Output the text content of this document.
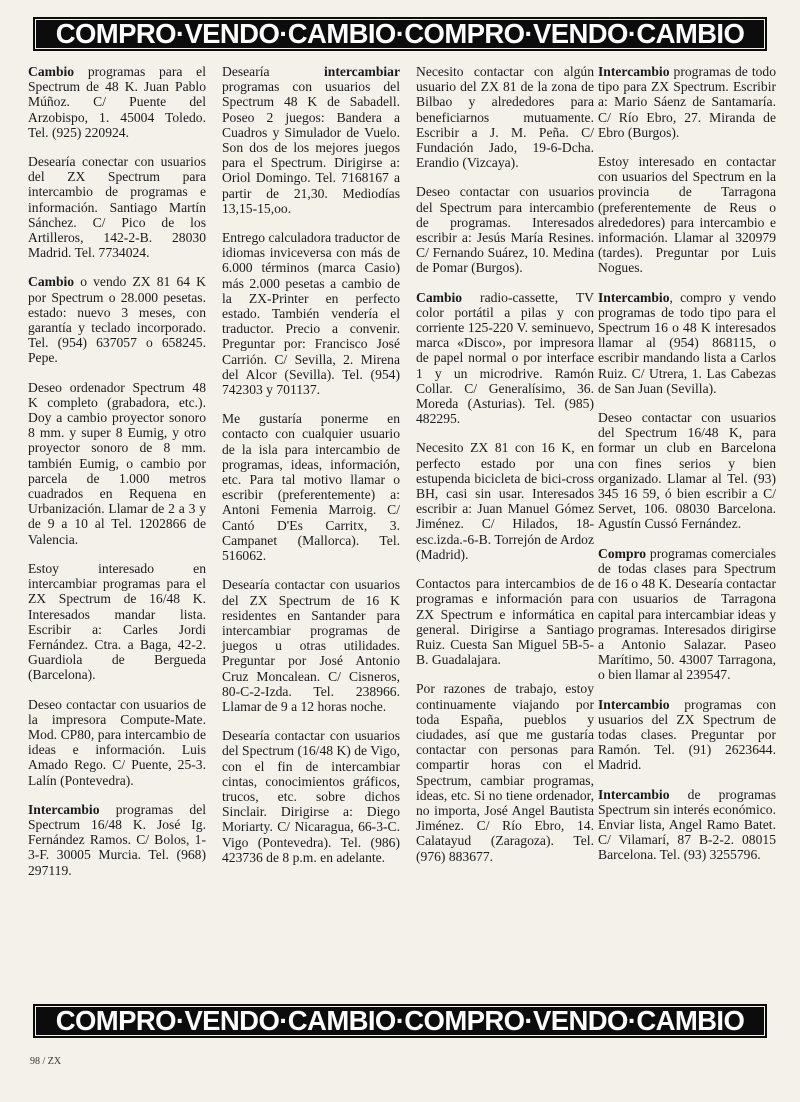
COMPRO·VENDO·CAMBIO·COMPRO·VENDO·CAMBIO

Cambio programas para el Spectrum de 48 K. Juan Pablo Múñoz. C/ Puente del Arzobispo, 1. 45004 Toledo. Tel. (925) 220924.

Desearía conectar con usuarios del ZX Spectrum para intercambio de programas e información. Santiago Martín Sánchez. C/ Pico de los Artilleros, 142-2-B. 28030 Madrid. Tel. 7734024.

Cambio o vendo ZX 81 64 K por Spectrum o 28.000 pesetas. estado: nuevo 3 meses, con garantía y teclado incorporado. Tel. (954) 637057 o 658245. Pepe.

Deseo ordenador Spectrum 48 K completo (grabadora, etc.). Doy a cambio proyector sonoro 8 mm. y super 8 Eumig, y otro proyector sonoro de 8 mm. también Eumig, o cambio por parcela de 1.000 metros cuadrados en Requena en Urbanización. Llamar de 2 a 3 y de 9 a 10 al Tel. 1202866 de Valencia.

Estoy interesado en intercambiar programas para el ZX Spectrum de 16/48 K. Interesados mandar lista. Escribir a: Carles Jordi Fernández. Ctra. a Baga, 42-2. Guardiola de Bergueda (Barcelona).

Deseo contactar con usuarios de la impresora Compute-Mate. Mod. CP80, para intercambio de ideas e información. Luis Amado Rego. C/ Puente, 25-3. Lalín (Pontevedra).

Intercambio programas del Spectrum 16/48 K. José Ig. Fernández Ramos. C/ Bolos, 1-3-F. 30005 Murcia. Tel. (968) 297119.

Desearía intercambiar programas con usuarios del Spectrum 48 K de Sabadell. Poseo 2 juegos: Bandera a Cuadros y Simulador de Vuelo. Son dos de los mejores juegos para el Spectrum. Dirigirse a: Oriol Domingo. Tel. 7168167 a partir de 21,30. Mediodías 13,15-15,oo.

Entrego calculadora traductor de idiomas inviceversa con más de 6.000 términos (marca Casio) más 2.000 pesetas a cambio de la ZX-Printer en perfecto estado. También vendería el traductor. Precio a convenir. Preguntar por: Francisco José Carrión. C/ Sevilla, 2. Mirena del Alcor (Sevilla). Tel. (954) 742303 y 701137.

Me gustaría ponerme en contacto con cualquier usuario de la isla para intercambio de programas, ideas, información, etc. Para tal motivo llamar o escribir (preferentemente) a: Antoni Femenia Marroig. C/ Cantó D'Es Carritx, 3. Campanet (Mallorca). Tel. 516062.

Desearía contactar con usuarios del ZX Spectrum de 16 K residentes en Santander para intercambiar programas de juegos u otras utilidades. Preguntar por José Antonio Cruz Moncalean. C/ Cisneros, 80-C-2-Izda. Tel. 238966. Llamar de 9 a 12 horas noche.

Desearía contactar con usuarios del Spectrum (16/48 K) de Vigo, con el fin de intercambiar cintas, conocimientos gráficos, trucos, etc. sobre dichos Sinclair. Dirigirse a: Diego Moriarty. C/ Nicaragua, 66-3-C. Vigo (Pontevedra). Tel. (986) 423736 de 8 p.m. en adelante.

Necesito contactar con algún usuario del ZX 81 de la zona de Bilbao y alrededores para beneficiarnos mutuamente. Escribir a J. M. Peña. C/ Fundación Jado, 19-6-Dcha. Erandio (Vizcaya).

Deseo contactar con usuarios del Spectrum para intercambio de programas. Interesados escribir a: Jesús María Resines. C/ Fernando Suárez, 10. Medina de Pomar (Burgos).

Cambio radio-cassette, TV color portátil a pilas y con corriente 125-220 V. seminuevo, marca «Disco», por impresora de papel normal o por interface 1 y un microdrive. Ramón Collar. C/ Generalísimo, 36. Moreda (Asturias). Tel. (985) 482295.

Necesito ZX 81 con 16 K, en perfecto estado por una estupenda bicicleta de bici-cross BH, casi sin usar. Interesados escribir a: Juan Manuel Gómez Jiménez. C/ Hilados, 18-esc.izda.-6-B. Torrejón de Ardoz (Madrid).

Contactos para intercambios de programas e información para ZX Spectrum e informática en general. Dirigirse a Santiago Ruiz. Cuesta San Miguel 5B-5-B. Guadalajara.

Por razones de trabajo, estoy continuamente viajando por toda España, pueblos y ciudades, así que me gustaría contactar con personas para compartir horas con el Spectrum, cambiar programas, ideas, etc. Si no tiene ordenador, no importa, José Angel Bautista Jiménez. C/ Río Ebro, 14. Calatayud (Zaragoza). Tel. (976) 883677.

Intercambio programas de todo tipo para ZX Spectrum. Escribir a: Mario Sáenz de Santamaría. C/ Río Ebro, 27. Miranda de Ebro (Burgos).

Estoy interesado en contactar con usuarios del Spectrum en la provincia de Tarragona (preferentemente de Reus o alrededores) para intercambio e información. Llamar al 320979 (tardes). Preguntar por Luis Nogues.

Intercambio, compro y vendo programas de todo tipo para el Spectrum 16 o 48 K interesados llamar al (954) 868115, o escribir mandando lista a Carlos Ruiz. C/ Utrera, 1. Las Cabezas de San Juan (Sevilla).

Deseo contactar con usuarios del Spectrum 16/48 K, para formar un club en Barcelona con fines serios y bien organizado. Llamar al Tel. (93) 345 16 59, ó bien escribir a C/ Servet, 106. 08030 Barcelona. Agustín Cussó Fernández.

Compro programas comerciales de todas clases para Spectrum de 16 o 48 K. Desearía contactar con usuarios de Tarragona capital para intercambiar ideas y programas. Interesados dirigirse a Antonio Salazar. Paseo Marítimo, 50. 43007 Tarragona, o bien llamar al 239547.

Intercambio programas con usuarios del ZX Spectrum de todas clases. Preguntar por Ramón. Tel. (91) 2623644. Madrid.

Intercambio de programas Spectrum sin interés económico. Enviar lista, Angel Ramo Batet. C/ Vilamarí, 87 B-2-2. 08015 Barcelona. Tel. (93) 3255796.

COMPRO·VENDO·CAMBIO·COMPRO·VENDO·CAMBIO
98 / ZX
